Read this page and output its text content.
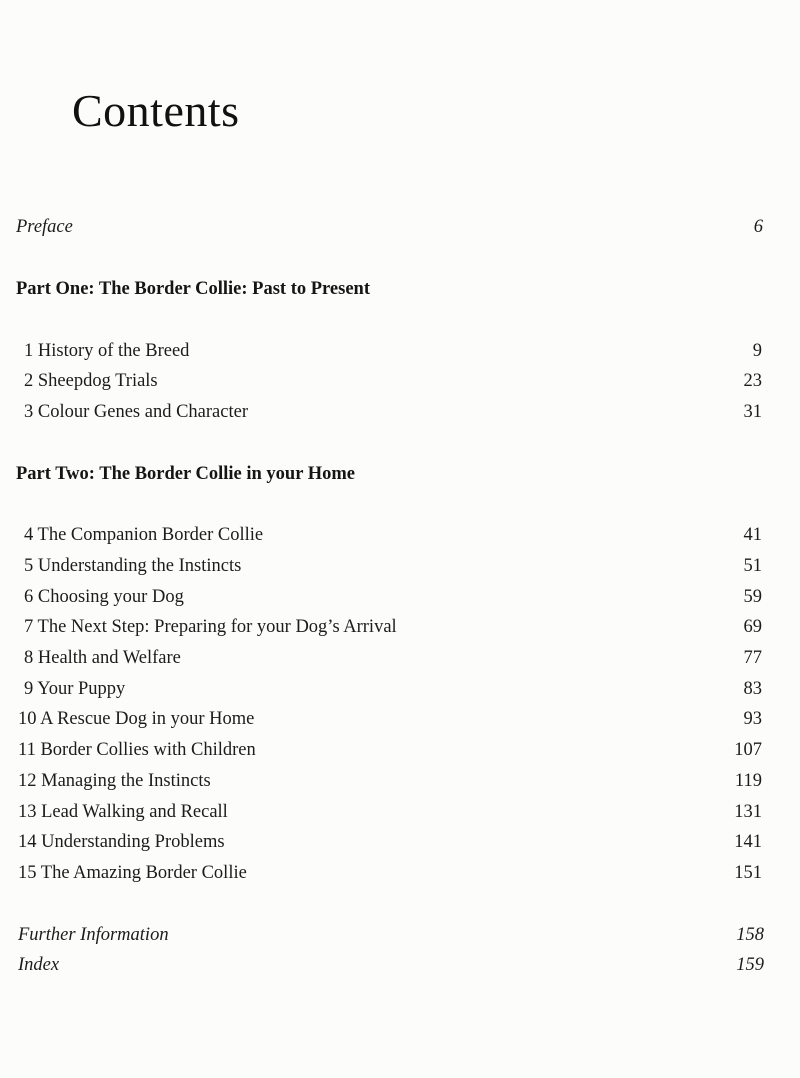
Contents
Preface	6
Part One: The Border Collie: Past to Present
1 History of the Breed	9
2 Sheepdog Trials	23
3 Colour Genes and Character	31
Part Two: The Border Collie in your Home
4 The Companion Border Collie	41
5 Understanding the Instincts	51
6 Choosing your Dog	59
7 The Next Step: Preparing for your Dog’s Arrival	69
8 Health and Welfare	77
9 Your Puppy	83
10 A Rescue Dog in your Home	93
11 Border Collies with Children	107
12 Managing the Instincts	119
13 Lead Walking and Recall	131
14 Understanding Problems	141
15 The Amazing Border Collie	151
Further Information	158
Index	159
